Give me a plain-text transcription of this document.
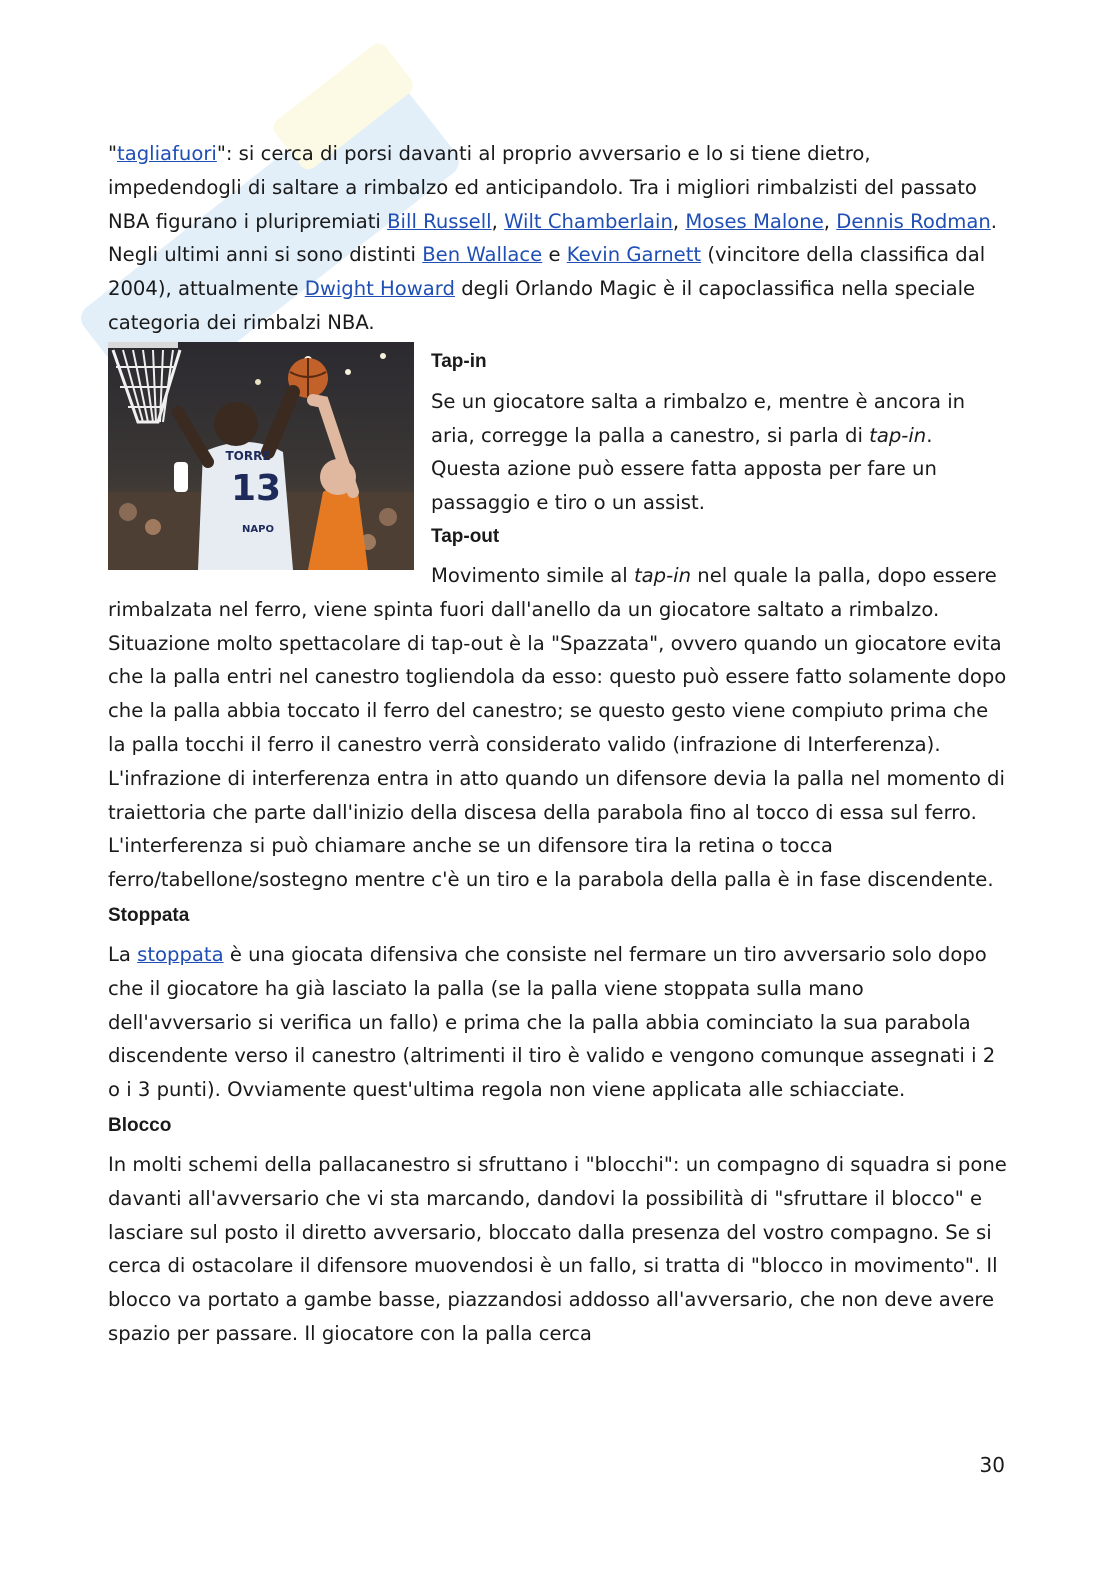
"tagliafuori": si cerca di porsi davanti al proprio avversario e lo si tiene dietro, impedendogli di saltare a rimbalzo ed anticipandolo. Tra i migliori rimbalzisti del passato NBA figurano i pluripremiati Bill Russell, Wilt Chamberlain, Moses Malone, Dennis Rodman. Negli ultimi anni si sono distinti Ben Wallace e Kevin Garnett (vincitore della classifica dal 2004), attualmente Dwight Howard degli Orlando Magic è il capoclassifica nella speciale categoria dei rimbalzi NBA.

13
TORRE
NAPO
Tap-in

Se un giocatore salta a rimbalzo e, mentre è ancora in aria, corregge la palla a canestro, si parla di tap-in. Questa azione può essere fatta apposta per fare un passaggio e tiro o un assist.

Tap-out

Movimento simile al tap-in nel quale la palla, dopo essere rimbalzata nel ferro, viene spinta fuori dall'anello da un giocatore saltato a rimbalzo. Situazione molto spettacolare di tap-out è la "Spazzata", ovvero quando un giocatore evita che la palla entri nel canestro togliendola da esso: questo può essere fatto solamente dopo che la palla abbia toccato il ferro del canestro; se questo gesto viene compiuto prima che la palla tocchi il ferro il canestro verrà considerato valido (infrazione di Interferenza). L'infrazione di interferenza entra in atto quando un difensore devia la palla nel momento di traiettoria che parte dall'inizio della discesa della parabola fino al tocco di essa sul ferro. L'interferenza si può chiamare anche se un difensore tira la retina o tocca ferro/tabellone/sostegno mentre c'è un tiro e la parabola della palla è in fase discendente.

Stoppata

La stoppata è una giocata difensiva che consiste nel fermare un tiro avversario solo dopo che il giocatore ha già lasciato la palla (se la palla viene stoppata sulla mano dell'avversario si verifica un fallo) e prima che la palla abbia cominciato la sua parabola discendente verso il canestro (altrimenti il tiro è valido e vengono comunque assegnati i 2 o i 3 punti). Ovviamente quest'ultima regola non viene applicata alle schiacciate.

Blocco

In molti schemi della pallacanestro si sfruttano i "blocchi": un compagno di squadra si pone davanti all'avversario che vi sta marcando, dandovi la possibilità di "sfruttare il blocco" e lasciare sul posto il diretto avversario, bloccato dalla presenza del vostro compagno. Se si cerca di ostacolare il difensore muovendosi è un fallo, si tratta di "blocco in movimento". Il blocco va portato a gambe basse, piazzandosi addosso all'avversario, che non deve avere spazio per passare. Il giocatore con la palla cerca

30
